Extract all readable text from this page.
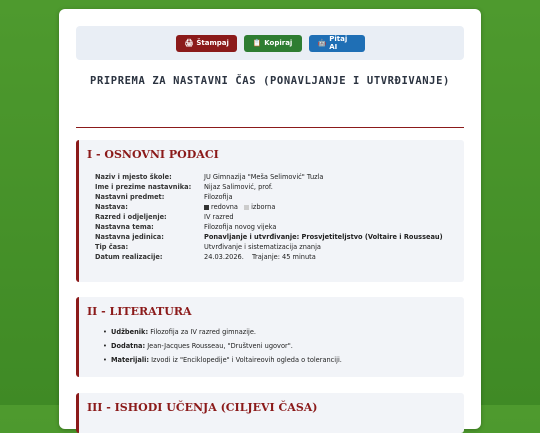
🖨 Štampaj	📋 Kopiraj	🤖 Pitaj AI
PRIPREMA ZA NASTAVNI ČAS (PONAVLJANJE I UTVRĐIVANJE)
I - OSNOVNI PODACI
Naziv i mjesto škole:	JU Gimnazija "Meša Selimović" Tuzla
Ime i prezime nastavnika:	Nijaz Salimović, prof.
Nastavni predmet:	Filozofija
Nastava:	redovna izborna
Razred i odjeljenje:	IV razred
Nastavna tema:	Filozofija novog vijeka
Nastavna jedinica:	Ponavljanje i utvrđivanje: Prosvjetiteljstvo (Voltaire i Rousseau)
Tip časa:	Utvrđivanje i sistematizacija znanja
Datum realizacije:	24.03.2026. Trajanje: 45 minuta
II - LITERATURA
• Udžbenik: Filozofija za IV razred gimnazije.
• Dodatna: Jean-Jacques Rousseau, "Društveni ugovor".
• Materijali: Izvodi iz "Enciklopedije" i Voltaireovih ogleda o toleranciji.
III - ISHODI UČENJA (CILJEVI ČASA)
